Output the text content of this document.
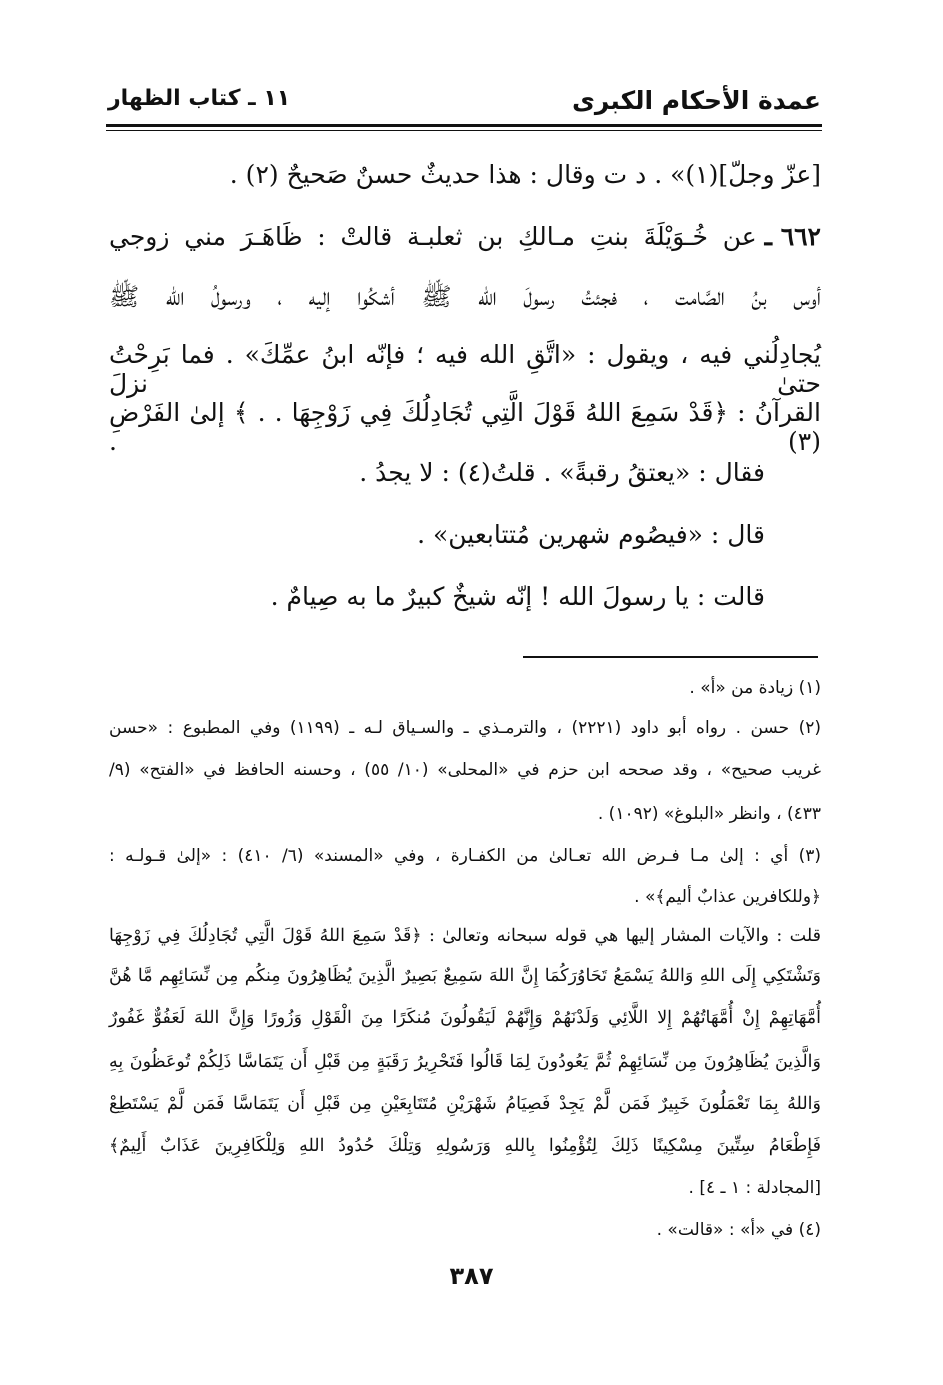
عمدة الأحكام الكبرى
١١ ـ كتاب الظهار
[عزّ وجلّ](١)» . د ت وقال : هذا حديثٌ حسنٌ صَحيحٌ (٢) .
٦٦٢ ـ
عن خُـوَيْلَةَ بنتِ مـالكِ بن ثعلبـة قالتْ : ظَاهَـرَ مني زوجي
أوس بنُ الصَّامت ، فجئتُ رسولَ الله ﷺ أشكُوا إليه ، ورسولُ الله ﷺ
يُجادِلُني فيه ، ويقول : «اتَّقِ الله فيه ؛ فإنّه ابنُ عمِّكَ» . فما بَرِحْتُ حتىٰ نزلَ
القرآنُ : ﴿قَدْ سَمِعَ اللهُ قَوْلَ الَّتِي تُجَادِلُكَ فِي زَوْجِهَا . . ﴾ إلىٰ الفَرْضِ (٣) .
فقال : «يعتقُ رقبةً» . قلتُ(٤) : لا يجدُ .
قال : «فيصُوم شهرين مُتتابعين» .
قالت : يا رسولَ الله ! إنّه شيخٌ كبيرٌ ما به صِيامٌ .
(١) زيادة من «أ» .
(٢) حسن . رواه أبو داود (٢٢٢١) ، والترمـذي ـ والسـياق لـه ـ (١١٩٩) وفي المطبوع : «حسن
غريب صحيح» ، وقد صححه ابن حزم في «المحلى» (١٠/ ٥٥) ، وحسنه الحافظ في «الفتح» (٩/
٤٣٣) ، وانظر «البلوغ» (١٠٩٢) .
(٣) أي : إلىٰ مـا فـرض الله تعـالىٰ من الكفـارة ، وفي «المسند» (٦/ ٤١٠) : «إلىٰ قـولـه :
﴿وللكافرين عذابٌ أليم﴾» .
قلت : والآيات المشار إليها هي قوله سبحانه وتعالىٰ : ﴿قَدْ سَمِعَ اللهُ قَوْلَ الَّتِي تُجَادِلُكَ فِي زَوْجِهَا
وَتَشْتَكِي إِلَى اللهِ وَاللهُ يَسْمَعُ تَحَاوُرَكُمَا إِنَّ اللهَ سَمِيعٌ بَصِيرٌ الَّذِينَ يُظَاهِرُونَ مِنكُم مِن نِّسَائِهِم مَّا هُنَّ
أُمَّهَاتِهِمْ إِنْ أُمَّهَاتُهُمْ إِلا اللَّائِي وَلَدْنَهُمْ وَإِنَّهُمْ لَيَقُولُونَ مُنكَرًا مِنَ الْقَوْلِ وَزُورًا وَإِنَّ اللهَ لَعَفُوٌّ غَفُورٌ
وَالَّذِينَ يُظَاهِرُونَ مِن نِّسَائِهِمْ ثُمَّ يَعُودُونَ لِمَا قَالُوا فَتَحْرِيرُ رَقَبَةٍ مِن قَبْلِ أَن يَتَمَاسَّا ذَلِكُمْ تُوعَظُونَ بِهِ
وَاللهُ بِمَا تَعْمَلُونَ خَبِيرٌ فَمَن لَّمْ يَجِدْ فَصِيَامُ شَهْرَيْنِ مُتَتَابِعَيْنِ مِن قَبْلِ أَن يَتَمَاسَّا فَمَن لَّمْ يَسْتَطِعْ
فَإِطْعَامُ سِتِّينَ مِسْكِينًا ذَلِكَ لِتُؤْمِنُوا بِاللهِ وَرَسُولِهِ وَتِلْكَ حُدُودُ اللهِ وَلِلْكَافِرِينَ عَذَابٌ أَلِيمٌ﴾
[المجادلة : ١ ـ ٤] .
(٤) في «أ» : «قالت» .
٣٨٧
